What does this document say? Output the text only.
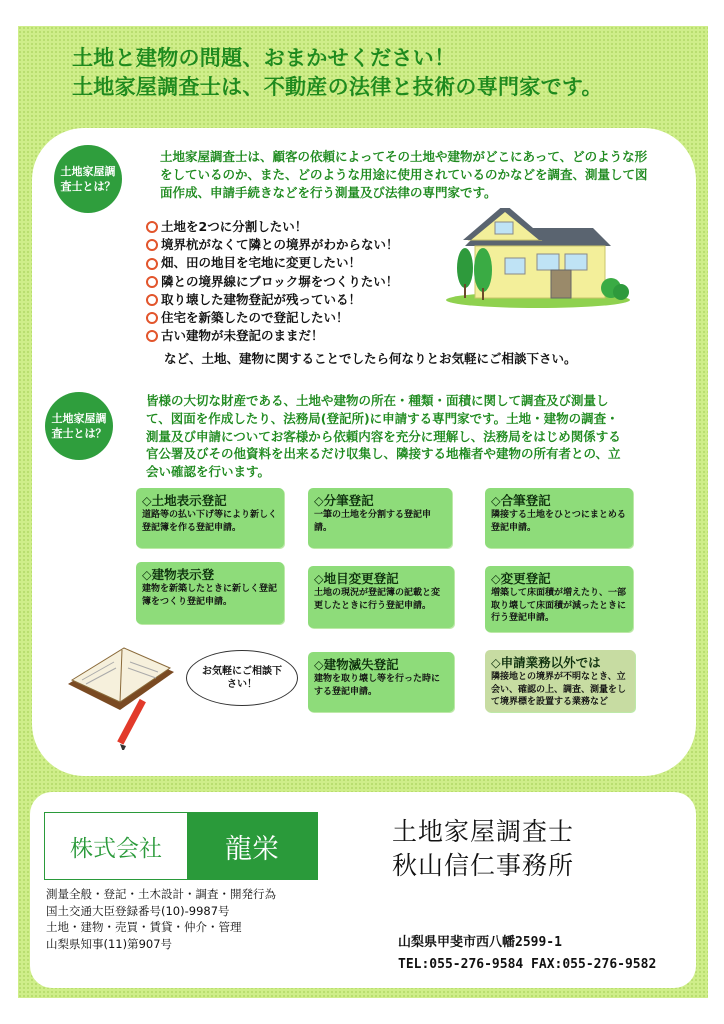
土地と建物の問題、おまかせください！
土地家屋調査士は、不動産の法律と技術の専門家です。
土地家屋調査士とは？
土地家屋調査士は、顧客の依頼によってその土地や建物がどこにあって、どのような形をしているのか、また、どのような用途に使用されているのかなどを調査、測量して図面作成、申請手続きなどを行う測量及び法律の専門家です。
土地を2つに分割したい！
境界杭がなくて隣との境界がわからない！
畑、田の地目を宅地に変更したい！
隣との境界線にブロック塀をつくりたい！
取り壊した建物登記が残っている！
住宅を新築したので登記したい！
古い建物が未登記のままだ！
など、土地、建物に関することでしたら何なりとお気軽にご相談下さい。
土地家屋調査士とは？
皆様の大切な財産である、土地や建物の所在・種類・面積に関して調査及び測量して、図面を作成したり、法務局(登記所)に申請する専門家です。土地・建物の調査・測量及び申請についてお客様から依頼内容を充分に理解し、法務局をはじめ関係する官公署及びその他資料を出来るだけ収集し、隣接する地権者や建物の所有者との、立会い確認を行います。
◇土地表示登記
道路等の払い下げ等により新しく登記簿を作る登記申請。
◇分筆登記
一筆の土地を分割する登記申請。
◇合筆登記
隣接する土地をひとつにまとめる登記申請。
◇建物表示登
建物を新築したときに新しく登記簿をつくり登記申請。
◇地目変更登記
土地の現況が登記簿の記載と変更したときに行う登記申請。
◇変更登記
増築して床面積が増えたり、一部取り壊して床面積が減ったときに行う登記申請。
◇建物滅失登記
建物を取り壊し等を行った時にする登記申請。
◇申請業務以外では
隣接地との境界が不明なとき、立会い、確認の上、調査、測量をして境界標を設置する業務など
お気軽にご相談下さい！
株式会社	龍栄
測量全般・登記・土木設計・調査・開発行為
国土交通大臣登録番号(10)-9987号
土地・建物・売買・賃貸・仲介・管理
山梨県知事(11)第907号
土地家屋調査士
秋山信仁事務所
山梨県甲斐市西八幡2599-1
TEL:055-276-9584 FAX:055-276-9582
